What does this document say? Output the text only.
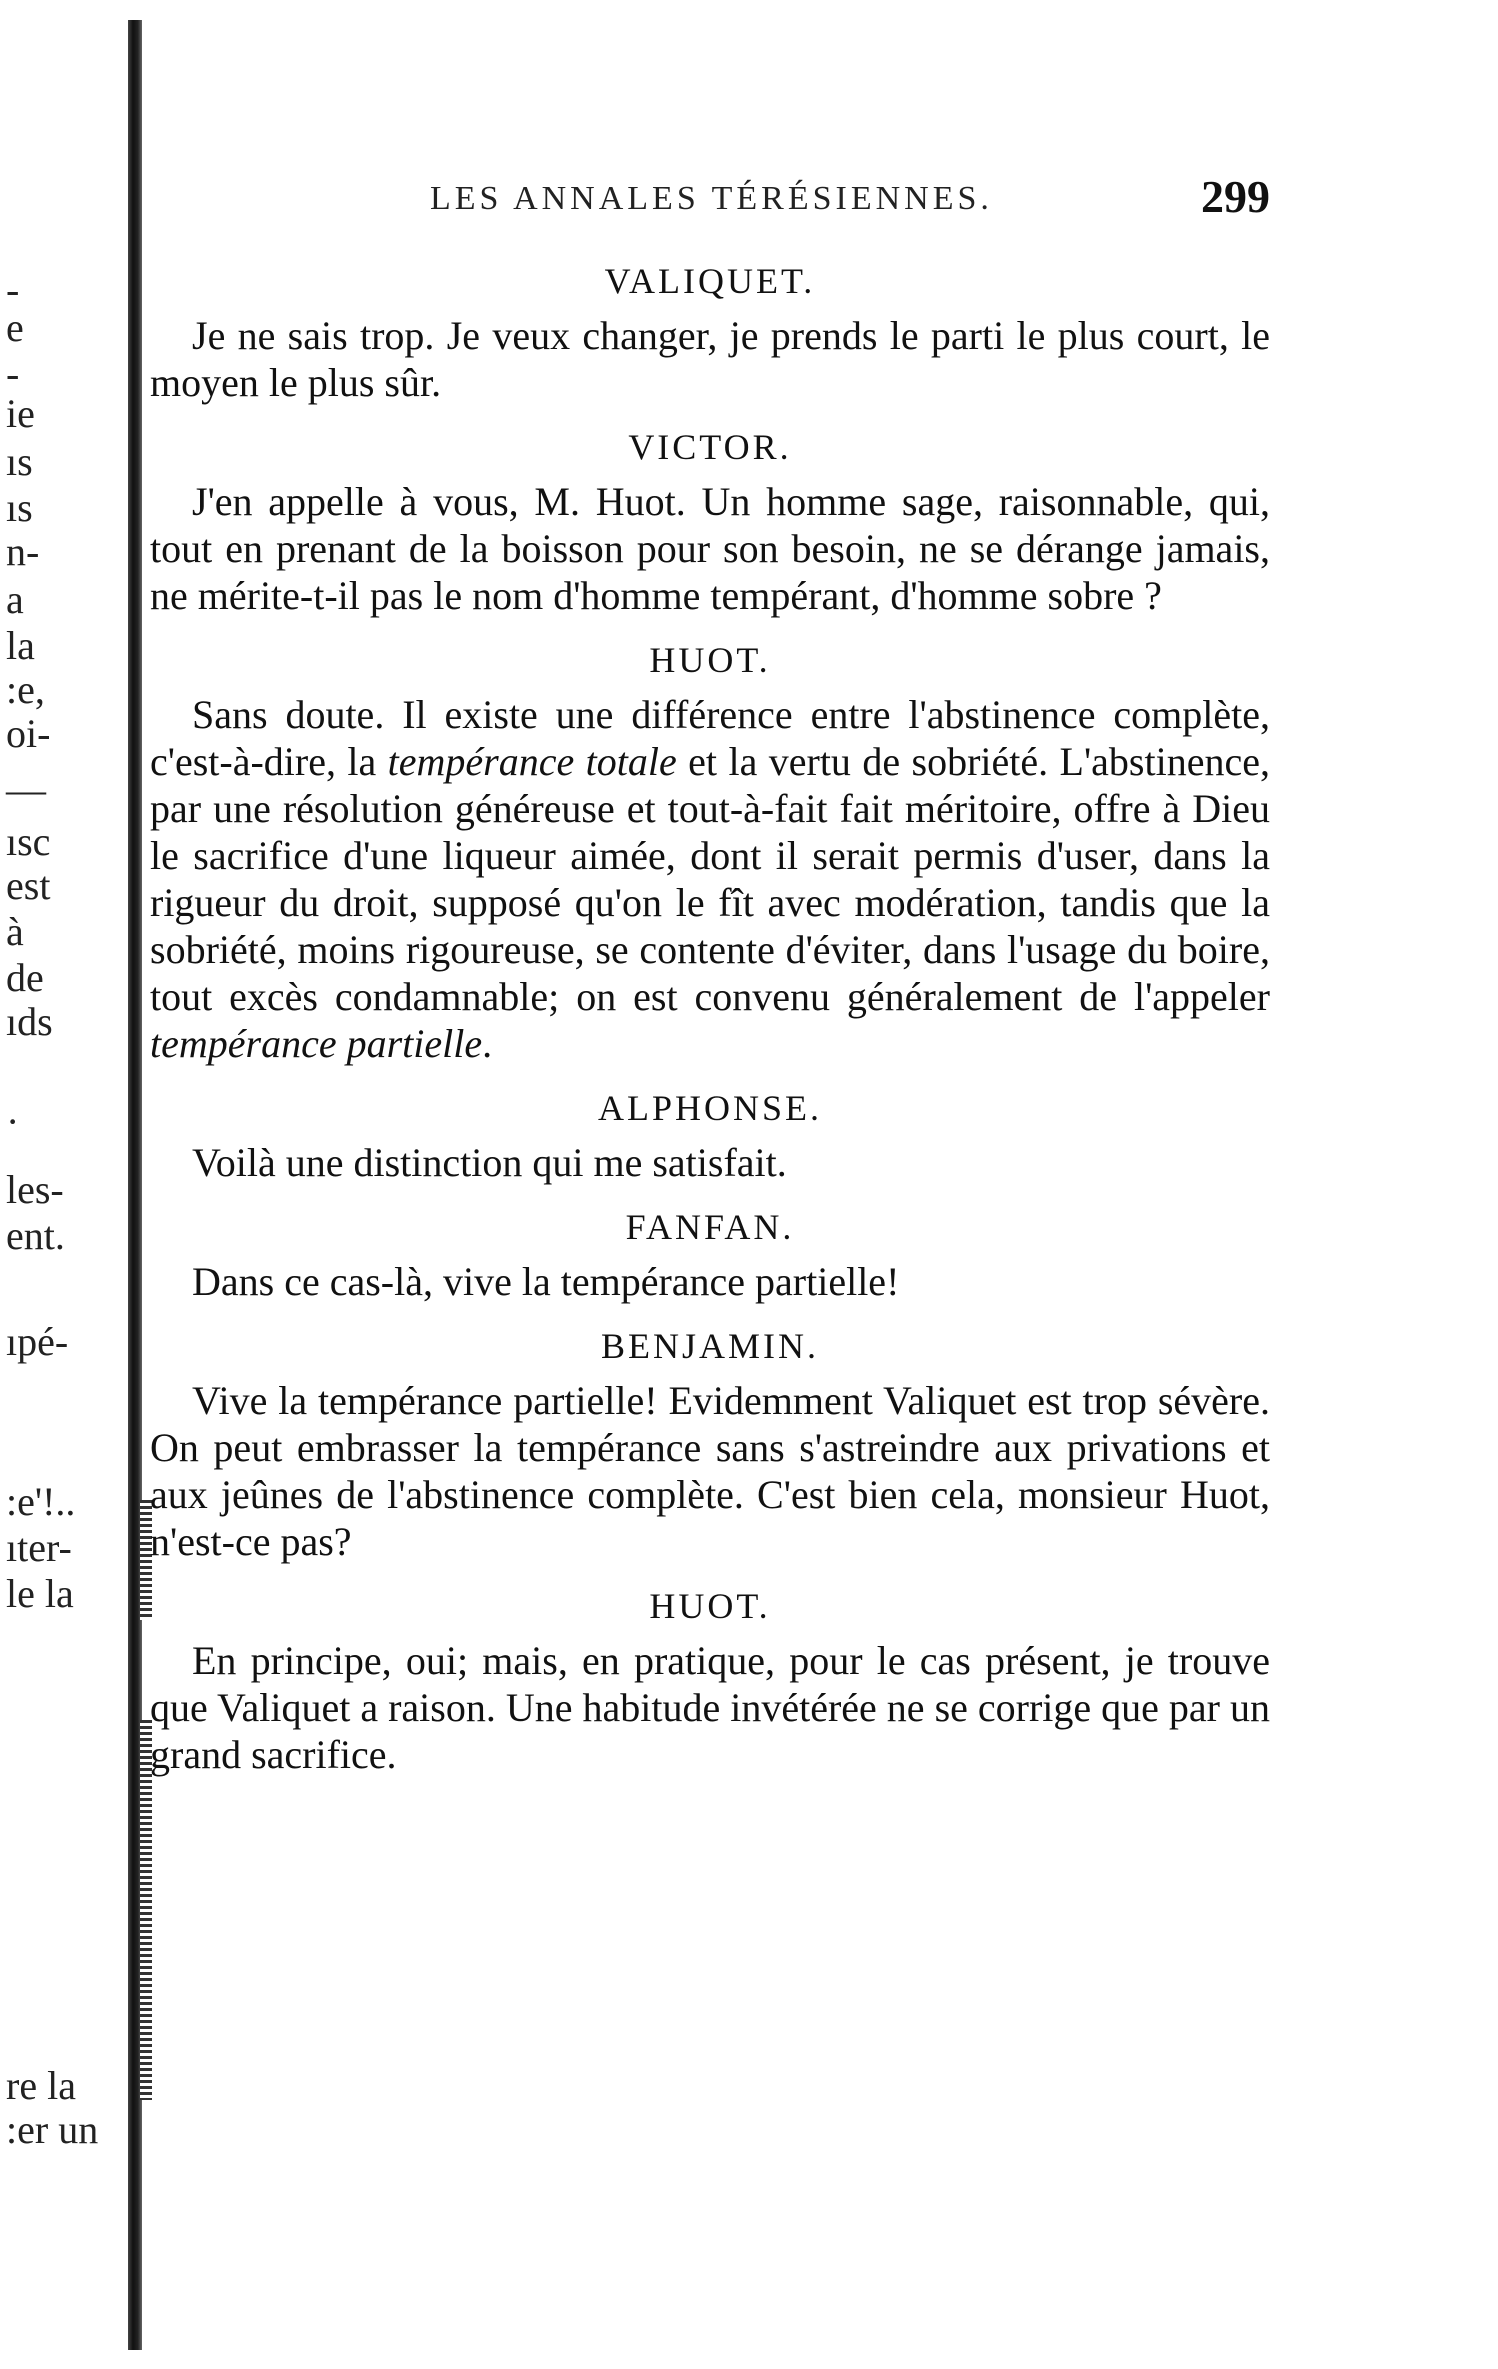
-
e
-
ie
ıs
ıs
n-
a
la
:e,
oi-
—
ısc
est
à
de
ıds
·
les-
ent.
ıpé-
:e'!..
ıter-
le la
re la
:er un
LES ANNALES TÉRÉSIENNES.	299
VALIQUET.

Je ne sais trop. Je veux changer, je prends le parti le plus court, le moyen le plus sûr.

VICTOR.

J'en appelle à vous, M. Huot. Un homme sage, raisonnable, qui, tout en prenant de la boisson pour son besoin, ne se dérange jamais, ne mérite-t-il pas le nom d'homme tempérant, d'homme sobre ?

HUOT.

Sans doute. Il existe une différence entre l'abstinence complète, c'est-à-dire, la tempérance totale et la vertu de sobriété. L'abstinence, par une résolution généreuse et tout-à-fait fait méritoire, offre à Dieu le sacrifice d'une liqueur aimée, dont il serait permis d'user, dans la rigueur du droit, supposé qu'on le fît avec modération, tandis que la sobriété, moins rigoureuse, se contente d'éviter, dans l'usage du boire, tout excès condamnable; on est convenu généralement de l'appeler tempérance partielle.

ALPHONSE.

Voilà une distinction qui me satisfait.

FANFAN.

Dans ce cas-là, vive la tempérance partielle!

BENJAMIN.

Vive la tempérance partielle! Evidemment Valiquet est trop sévère. On peut embrasser la tempérance sans s'astreindre aux privations et aux jeûnes de l'abstinence complète. C'est bien cela, monsieur Huot, n'est-ce pas?

HUOT.

En principe, oui; mais, en pratique, pour le cas présent, je trouve que Valiquet a raison. Une habitude invétérée ne se corrige que par un grand sacrifice.
